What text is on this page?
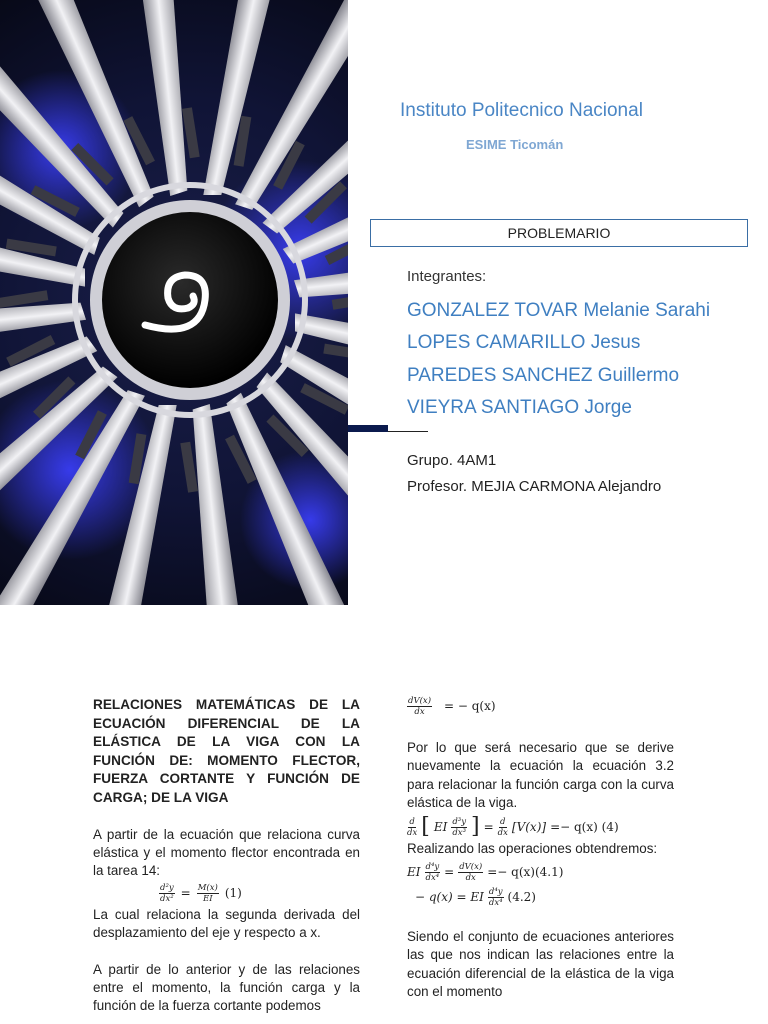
Instituto Politecnico Nacional
ESIME Ticomán
PROBLEMARIO
Integrantes:
GONZALEZ TOVAR Melanie Sarahi
LOPES CAMARILLO Jesus
PAREDES SANCHEZ Guillermo
VIEYRA SANTIAGO Jorge
Grupo. 4AM1
Profesor. MEJIA CARMONA Alejandro

RELACIONES MATEMÁTICAS DE LA ECUACIÓN DIFERENCIAL DE LA ELÁSTICA DE LA VIGA CON LA FUNCIÓN DE: MOMENTO FLECTOR, FUERZA CORTANTE Y FUNCIÓN DE CARGA; DE LA VIGA

A partir de la ecuación que relaciona curva elástica y el momento flector encontrada en la tarea 14:

$\frac{\text{d²y}}{\text{dx²}} = \frac{M(x)}{EI} (1)$

La cual relaciona la segunda derivada del desplazamiento del eje y respecto a x.

A partir de lo anterior y de las relaciones entre el momento, la función carga y la función de la fuerza cortante podemos

$\frac{dV(x)}{dx}$ = − q(x)

Por lo que será necesario que se derive nuevamente la ecuación la ecuación 3.2 para relacionar la función carga con la curva elástica de la viga.

$\frac{d}{dx}$ [ EI $\frac{\text{d³y}}{\text{dx³}}$ ] = $\frac{d}{dx} [V(x)] =- q(x)$ (4)

Realizando las operaciones obtendremos:

EI $\frac{\text{d⁴y}}{\text{dx⁴}} = \frac{dV(x)}{dx} =- q(x)(4.1)$
− q(x) = EI $\frac{\text{d⁴y}}{\text{dx⁴}} (4.2)$

Siendo el conjunto de ecuaciones anteriores las que nos indican las relaciones entre la ecuación diferencial de la elástica de la viga con el momento
